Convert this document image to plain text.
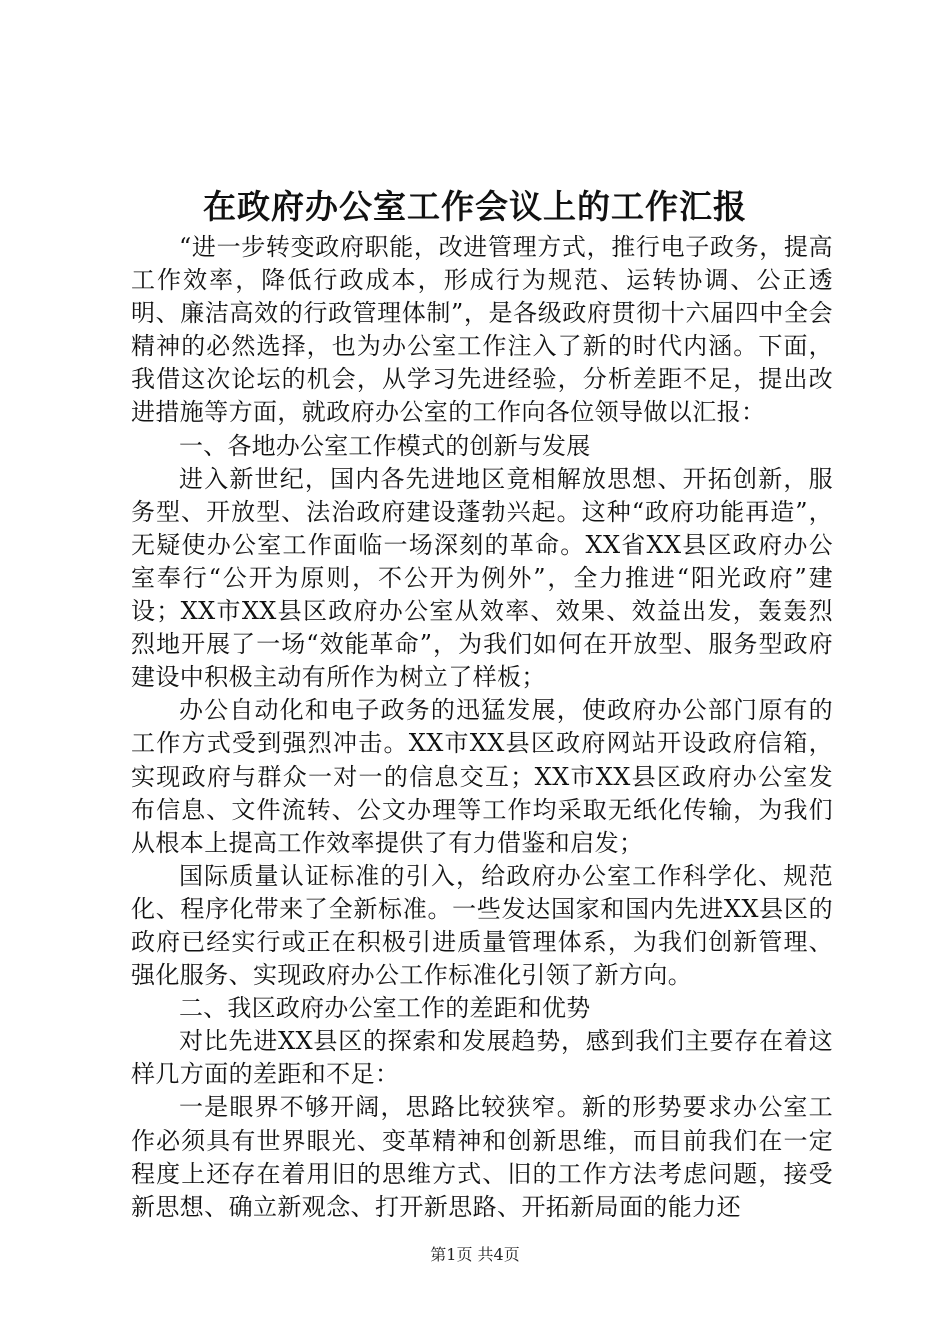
在政府办公室工作会议上的工作汇报

“进一步转变政府职能，改进管理方式，推行电子政务，提高工作效率，降低行政成本，形成行为规范、运转协调、公正透明、廉洁高效的行政管理体制”，是各级政府贯彻十六届四中全会精神的必然选择，也为办公室工作注入了新的时代内涵。下面，我借这次论坛的机会，从学习先进经验，分析差距不足，提出改进措施等方面，就政府办公室的工作向各位领导做以汇报：

一、各地办公室工作模式的创新与发展

进入新世纪，国内各先进地区竟相解放思想、开拓创新，服务型、开放型、法治政府建设蓬勃兴起。这种“政府功能再造”，无疑使办公室工作面临一场深刻的革命。XX省XX县区政府办公室奉行“公开为原则，不公开为例外”，全力推进“阳光政府”建设；XX市XX县区政府办公室从效率、效果、效益出发，轰轰烈烈地开展了一场“效能革命”，为我们如何在开放型、服务型政府建设中积极主动有所作为树立了样板；

办公自动化和电子政务的迅猛发展，使政府办公部门原有的工作方式受到强烈冲击。XX市XX县区政府网站开设政府信箱，实现政府与群众一对一的信息交互；XX市XX县区政府办公室发布信息、文件流转、公文办理等工作均采取无纸化传输，为我们从根本上提高工作效率提供了有力借鉴和启发；

国际质量认证标准的引入，给政府办公室工作科学化、规范化、程序化带来了全新标准。一些发达国家和国内先进XX县区的政府已经实行或正在积极引进质量管理体系，为我们创新管理、强化服务、实现政府办公工作标准化引领了新方向。

二、我区政府办公室工作的差距和优势

对比先进XX县区的探索和发展趋势，感到我们主要存在着这样几方面的差距和不足：

一是眼界不够开阔，思路比较狭窄。新的形势要求办公室工作必须具有世界眼光、变革精神和创新思维，而目前我们在一定程度上还存在着用旧的思维方式、旧的工作方法考虑问题，接受新思想、确立新观念、打开新思路、开拓新局面的能力还

第1页 共4页
